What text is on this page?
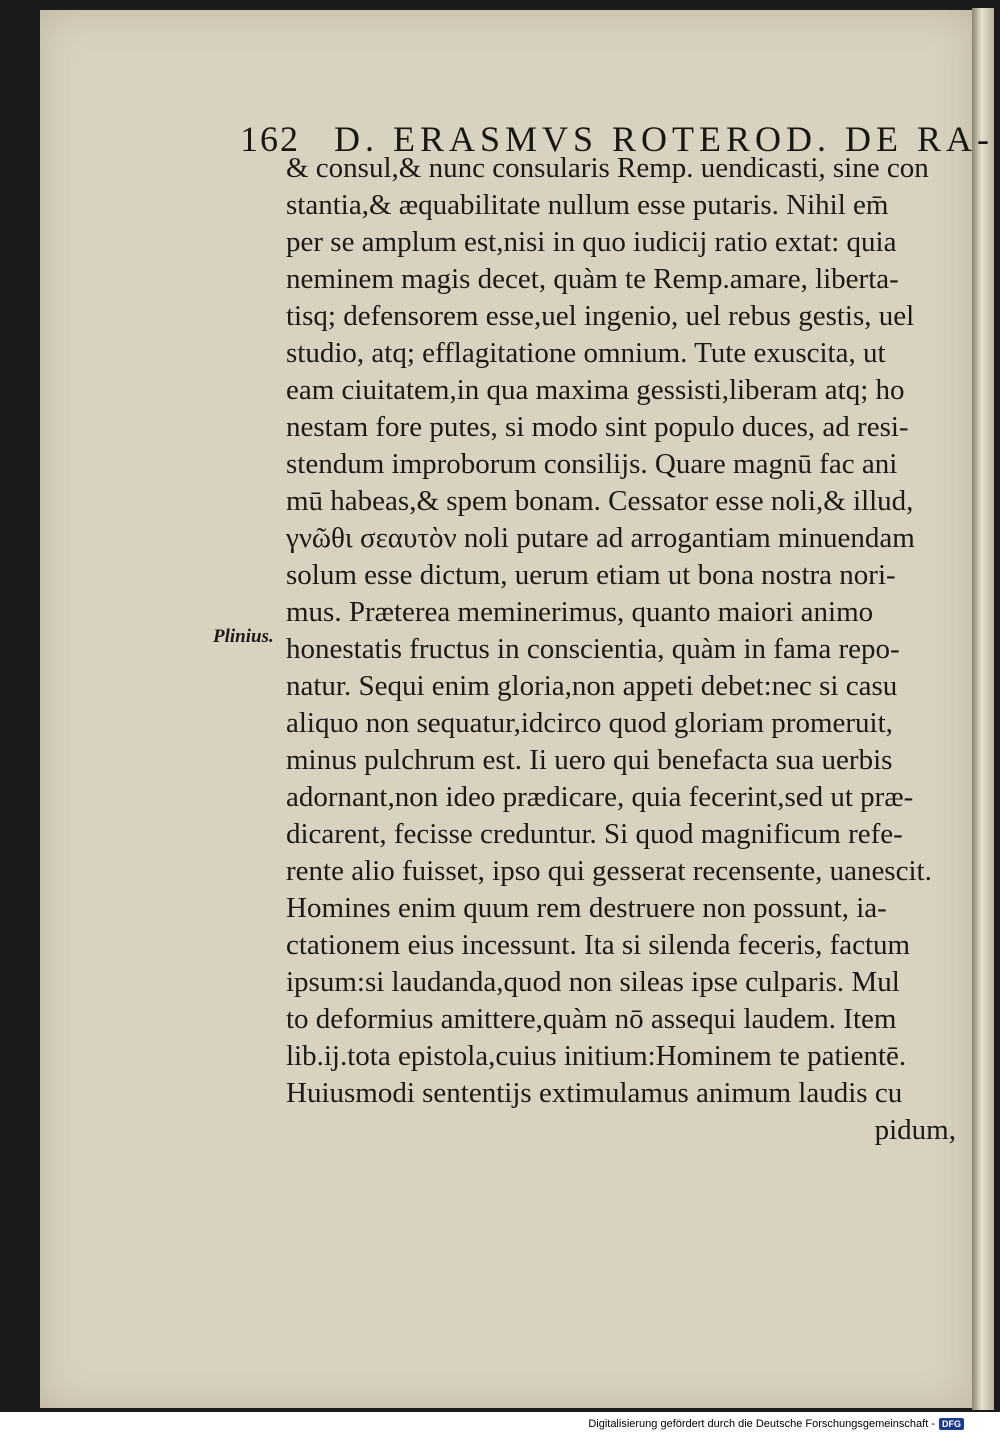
162 D. ERASMVS ROTEROD. DE RA-
Plinius.
& consul,& nunc consularis Remp. uendicasti, sine con
stantia,& æquabilitate nullum esse putaris. Nihil em̄
per se amplum est,nisi in quo iudicij ratio extat: quia
neminem magis decet, quàm te Remp.amare, liberta-
tisq; defensorem esse,uel ingenio, uel rebus gestis, uel
studio, atq; efflagitatione omnium. Tute exuscita, ut
eam ciuitatem,in qua maxima gessisti,liberam atq; ho
nestam fore putes, si modo sint populo duces, ad resi-
stendum improborum consilijs. Quare magnū fac ani
mū habeas,& spem bonam. Cessator esse noli,& illud,
γνῶθι σεαυτὸν noli putare ad arrogantiam minuendam
solum esse dictum, uerum etiam ut bona nostra nori-
mus. Præterea meminerimus, quanto maiori animo
honestatis fructus in conscientia, quàm in fama repo-
natur. Sequi enim gloria,non appeti debet:nec si casu
aliquo non sequatur,idcirco quod gloriam promeruit,
minus pulchrum est. Ii uero qui benefacta sua uerbis
adornant,non ideo prædicare, quia fecerint,sed ut præ-
dicarent, fecisse creduntur. Si quod magnificum refe-
rente alio fuisset, ipso qui gesserat recensente, uanescit.
Homines enim quum rem destruere non possunt, ia-
ctationem eius incessunt. Ita si silenda feceris, factum
ipsum:si laudanda,quod non sileas ipse culparis. Mul
to deformius amittere,quàm nō assequi laudem. Item
lib.ij.tota epistola,cuius initium:Hominem te patientē.
Huiusmodi sententijs extimulamus animum laudis cu
pidum,
Digitalisierung gefördert durch die Deutsche Forschungsgemeinschaft - DFG
